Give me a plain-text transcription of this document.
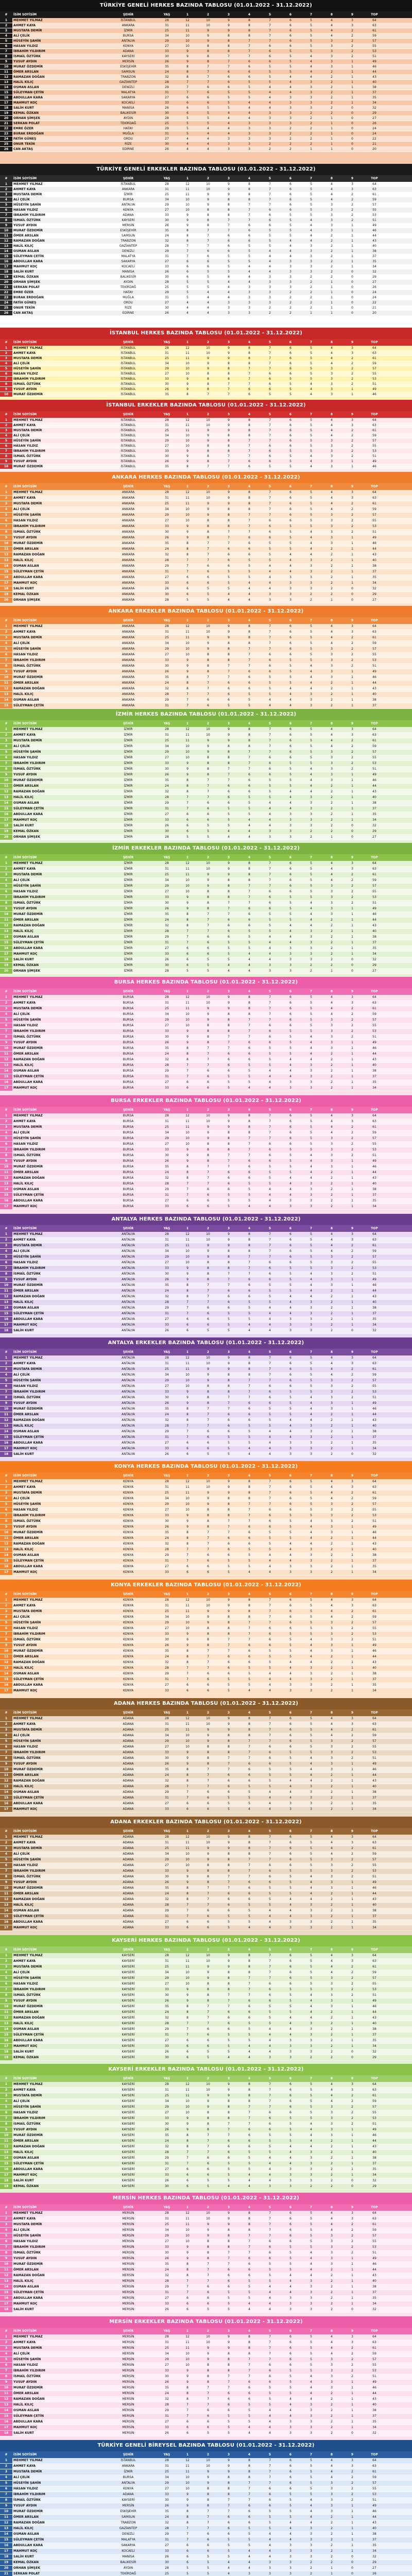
TÜRKİYE GENELİ HERKES BAZINDA TABLOSU (01.01.2022 - 31.12.2022)
#	İSİM SOYİSİM	ŞEHİR	YAŞ	1	2	3	4	5	6	7	8	9	TOP
1	MEHMET YILMAZ	İSTANBUL	28	12	10	9	8	7	6	5	4	3	64
2	AHMET KAYA	ANKARA	31	11	10	9	8	7	6	5	4	3	63
3	MUSTAFA DEMİR	İZMİR	25	11	9	9	8	7	6	5	4	2	61
4	ALİ ÇELİK	BURSA	34	10	9	8	8	7	6	5	4	2	59
5	HÜSEYİN ŞAHİN	ANTALYA	29	10	9	8	7	7	6	5	3	2	57
6	HASAN YILDIZ	KONYA	27	10	8	8	7	6	6	5	3	2	55
7	İBRAHİM YILDIRIM	ADANA	33	9	8	8	7	6	5	5	3	2	53
8	İSMAİL ÖZTÜRK	KAYSERİ	30	9	8	7	7	6	5	4	3	2	51
9	YUSUF AYDIN	MERSİN	26	9	8	7	6	6	5	4	3	1	49
10	MURAT ÖZDEMİR	ESKİŞEHİR	35	8	7	7	6	5	5	4	3	1	46
11	ÖMER ARSLAN	SAMSUN	24	8	7	6	6	5	5	4	2	1	44
12	RAMAZAN DOĞAN	TRABZON	32	8	7	6	6	5	4	4	2	1	43
13	HALİL KILIÇ	GAZİANTEP	28	7	7	6	5	5	4	3	2	1	40
14	OSMAN ASLAN	DENİZLİ	29	7	6	6	5	4	4	3	2	1	38
15	SÜLEYMAN ÇETİN	MALATYA	31	7	6	5	5	4	4	3	2	1	37
16	ABDULLAH KARA	SAKARYA	27	6	6	5	5	4	3	3	2	1	35
17	MAHMUT KOÇ	KOCAELİ	33	6	6	5	4	4	3	3	2	1	34
18	SALİH KURT	MANİSA	26	6	5	5	4	4	3	3	2	0	32
19	KEMAL ÖZKAN	BALIKESİR	30	6	5	4	4	3	3	2	2	0	29
20	ORHAN ŞİMŞEK	AYDIN	28	5	5	4	4	3	3	2	1	0	27
21	SERKAN POLAT	TEKİRDAĞ	25	5	5	4	3	3	3	2	1	0	26
22	EMRE ÖZER	HATAY	29	5	4	4	3	3	2	2	1	0	24
23	BURAK ERDOĞAN	MUĞLA	31	5	4	4	3	3	2	2	1	0	24
24	FATİH GÜNEŞ	ORDU	27	4	4	3	3	3	2	2	1	0	22
25	ONUR TEKİN	RİZE	30	4	4	3	3	2	2	2	1	0	21
26	CAN AKTAŞ	EDİRNE	26	4	4	3	3	2	2	1	1	0	20
TÜRKİYE GENELİ ERKEKLER BAZINDA TABLOSU (01.01.2022 - 31.12.2022)
#	İSİM SOYİSİM	ŞEHİR	YAŞ	1	2	3	4	5	6	7	8	9	TOP
1	MEHMET YILMAZ	İSTANBUL	28	12	10	9	8	7	6	5	4	3	64
2	AHMET KAYA	ANKARA	31	11	10	9	8	7	6	5	4	3	63
3	MUSTAFA DEMİR	İZMİR	25	11	9	9	8	7	6	5	4	2	61
4	ALİ ÇELİK	BURSA	34	10	9	8	8	7	6	5	4	2	59
5	HÜSEYİN ŞAHİN	ANTALYA	29	10	9	8	7	7	6	5	3	2	57
6	HASAN YILDIZ	KONYA	27	10	8	8	7	6	6	5	3	2	55
7	İBRAHİM YILDIRIM	ADANA	33	9	8	8	7	6	5	5	3	2	53
8	İSMAİL ÖZTÜRK	KAYSERİ	30	9	8	7	7	6	5	4	3	2	51
9	YUSUF AYDIN	MERSİN	26	9	8	7	6	6	5	4	3	1	49
10	MURAT ÖZDEMİR	ESKİŞEHİR	35	8	7	7	6	5	5	4	3	1	46
11	ÖMER ARSLAN	SAMSUN	24	8	7	6	6	5	5	4	2	1	44
12	RAMAZAN DOĞAN	TRABZON	32	8	7	6	6	5	4	4	2	1	43
13	HALİL KILIÇ	GAZİANTEP	28	7	7	6	5	5	4	3	2	1	40
14	OSMAN ASLAN	DENİZLİ	29	7	6	6	5	4	4	3	2	1	38
15	SÜLEYMAN ÇETİN	MALATYA	31	7	6	5	5	4	4	3	2	1	37
16	ABDULLAH KARA	SAKARYA	27	6	6	5	5	4	3	3	2	1	35
17	MAHMUT KOÇ	KOCAELİ	33	6	6	5	4	4	3	3	2	1	34
18	SALİH KURT	MANİSA	26	6	5	5	4	4	3	3	2	0	32
19	KEMAL ÖZKAN	BALIKESİR	30	6	5	4	4	3	3	2	2	0	29
20	ORHAN ŞİMŞEK	AYDIN	28	5	5	4	4	3	3	2	1	0	27
21	SERKAN POLAT	TEKİRDAĞ	25	5	5	4	3	3	3	2	1	0	26
22	EMRE ÖZER	HATAY	29	5	4	4	3	3	2	2	1	0	24
23	BURAK ERDOĞAN	MUĞLA	31	5	4	4	3	3	2	2	1	0	24
24	FATİH GÜNEŞ	ORDU	27	4	4	3	3	3	2	2	1	0	22
25	ONUR TEKİN	RİZE	30	4	4	3	3	2	2	2	1	0	21
26	CAN AKTAŞ	EDİRNE	26	4	4	3	3	2	2	1	1	0	20
İSTANBUL HERKES BAZINDA TABLOSU (01.01.2022 - 31.12.2022)
#	İSİM SOYİSİM	ŞEHİR	YAŞ	1	2	3	4	5	6	7	8	9	TOP
1	MEHMET YILMAZ	İSTANBUL	28	12	10	9	8	7	6	5	4	3	64
2	AHMET KAYA	İSTANBUL	31	11	10	9	8	7	6	5	4	3	63
3	MUSTAFA DEMİR	İSTANBUL	25	11	9	9	8	7	6	5	4	2	61
4	ALİ ÇELİK	İSTANBUL	34	10	9	8	8	7	6	5	4	2	59
5	HÜSEYİN ŞAHİN	İSTANBUL	29	10	9	8	7	7	6	5	3	2	57
6	HASAN YILDIZ	İSTANBUL	27	10	8	8	7	6	6	5	3	2	55
7	İBRAHİM YILDIRIM	İSTANBUL	33	9	8	8	7	6	5	5	3	2	53
8	İSMAİL ÖZTÜRK	İSTANBUL	30	9	8	7	7	6	5	4	3	2	51
9	YUSUF AYDIN	İSTANBUL	26	9	8	7	6	6	5	4	3	1	49
10	MURAT ÖZDEMİR	İSTANBUL	35	8	7	7	6	5	5	4	3	1	46
İSTANBUL ERKEKLER BAZINDA TABLOSU (01.01.2022 - 31.12.2022)
#	İSİM SOYİSİM	ŞEHİR	YAŞ	1	2	3	4	5	6	7	8	9	TOP
1	MEHMET YILMAZ	İSTANBUL	28	12	10	9	8	7	6	5	4	3	64
2	AHMET KAYA	İSTANBUL	31	11	10	9	8	7	6	5	4	3	63
3	MUSTAFA DEMİR	İSTANBUL	25	11	9	9	8	7	6	5	4	2	61
4	ALİ ÇELİK	İSTANBUL	34	10	9	8	8	7	6	5	4	2	59
5	HÜSEYİN ŞAHİN	İSTANBUL	29	10	9	8	7	7	6	5	3	2	57
6	HASAN YILDIZ	İSTANBUL	27	10	8	8	7	6	6	5	3	2	55
7	İBRAHİM YILDIRIM	İSTANBUL	33	9	8	8	7	6	5	5	3	2	53
8	İSMAİL ÖZTÜRK	İSTANBUL	30	9	8	7	7	6	5	4	3	2	51
9	YUSUF AYDIN	İSTANBUL	26	9	8	7	6	6	5	4	3	1	49
10	MURAT ÖZDEMİR	İSTANBUL	35	8	7	7	6	5	5	4	3	1	46
ANKARA HERKES BAZINDA TABLOSU (01.01.2022 - 31.12.2022)
#	İSİM SOYİSİM	ŞEHİR	YAŞ	1	2	3	4	5	6	7	8	9	TOP
1	MEHMET YILMAZ	ANKARA	28	12	10	9	8	7	6	5	4	3	64
2	AHMET KAYA	ANKARA	31	11	10	9	8	7	6	5	4	3	63
3	MUSTAFA DEMİR	ANKARA	25	11	9	9	8	7	6	5	4	2	61
4	ALİ ÇELİK	ANKARA	34	10	9	8	8	7	6	5	4	2	59
5	HÜSEYİN ŞAHİN	ANKARA	29	10	9	8	7	7	6	5	3	2	57
6	HASAN YILDIZ	ANKARA	27	10	8	8	7	6	6	5	3	2	55
7	İBRAHİM YILDIRIM	ANKARA	33	9	8	8	7	6	5	5	3	2	53
8	İSMAİL ÖZTÜRK	ANKARA	30	9	8	7	7	6	5	4	3	2	51
9	YUSUF AYDIN	ANKARA	26	9	8	7	6	6	5	4	3	1	49
10	MURAT ÖZDEMİR	ANKARA	35	8	7	7	6	5	5	4	3	1	46
11	ÖMER ARSLAN	ANKARA	24	8	7	6	6	5	5	4	2	1	44
12	RAMAZAN DOĞAN	ANKARA	32	8	7	6	6	5	4	4	2	1	43
13	HALİL KILIÇ	ANKARA	28	7	7	6	5	5	4	3	2	1	40
14	OSMAN ASLAN	ANKARA	29	7	6	6	5	4	4	3	2	1	38
15	SÜLEYMAN ÇETİN	ANKARA	31	7	6	5	5	4	4	3	2	1	37
16	ABDULLAH KARA	ANKARA	27	6	6	5	5	4	3	3	2	1	35
17	MAHMUT KOÇ	ANKARA	33	6	6	5	4	4	3	3	2	1	34
18	SALİH KURT	ANKARA	26	6	5	5	4	4	3	3	2	0	32
19	KEMAL ÖZKAN	ANKARA	30	6	5	4	4	3	3	2	2	0	29
20	ORHAN ŞİMŞEK	ANKARA	28	5	5	4	4	3	3	2	1	0	27
ANKARA ERKEKLER BAZINDA TABLOSU (01.01.2022 - 31.12.2022)
#	İSİM SOYİSİM	ŞEHİR	YAŞ	1	2	3	4	5	6	7	8	9	TOP
1	MEHMET YILMAZ	ANKARA	28	12	10	9	8	7	6	5	4	3	64
2	AHMET KAYA	ANKARA	31	11	10	9	8	7	6	5	4	3	63
3	MUSTAFA DEMİR	ANKARA	25	11	9	9	8	7	6	5	4	2	61
4	ALİ ÇELİK	ANKARA	34	10	9	8	8	7	6	5	4	2	59
5	HÜSEYİN ŞAHİN	ANKARA	29	10	9	8	7	7	6	5	3	2	57
6	HASAN YILDIZ	ANKARA	27	10	8	8	7	6	6	5	3	2	55
7	İBRAHİM YILDIRIM	ANKARA	33	9	8	8	7	6	5	5	3	2	53
8	İSMAİL ÖZTÜRK	ANKARA	30	9	8	7	7	6	5	4	3	2	51
9	YUSUF AYDIN	ANKARA	26	9	8	7	6	6	5	4	3	1	49
10	MURAT ÖZDEMİR	ANKARA	35	8	7	7	6	5	5	4	3	1	46
11	ÖMER ARSLAN	ANKARA	24	8	7	6	6	5	5	4	2	1	44
12	RAMAZAN DOĞAN	ANKARA	32	8	7	6	6	5	4	4	2	1	43
13	HALİL KILIÇ	ANKARA	28	7	7	6	5	5	4	3	2	1	40
14	OSMAN ASLAN	ANKARA	29	7	6	6	5	4	4	3	2	1	38
15	SÜLEYMAN ÇETİN	ANKARA	31	7	6	5	5	4	4	3	2	1	37
İZMİR HERKES BAZINDA TABLOSU (01.01.2022 - 31.12.2022)
#	İSİM SOYİSİM	ŞEHİR	YAŞ	1	2	3	4	5	6	7	8	9	TOP
1	MEHMET YILMAZ	İZMİR	28	12	10	9	8	7	6	5	4	3	64
2	AHMET KAYA	İZMİR	31	11	10	9	8	7	6	5	4	3	63
3	MUSTAFA DEMİR	İZMİR	25	11	9	9	8	7	6	5	4	2	61
4	ALİ ÇELİK	İZMİR	34	10	9	8	8	7	6	5	4	2	59
5	HÜSEYİN ŞAHİN	İZMİR	29	10	9	8	7	7	6	5	3	2	57
6	HASAN YILDIZ	İZMİR	27	10	8	8	7	6	6	5	3	2	55
7	İBRAHİM YILDIRIM	İZMİR	33	9	8	8	7	6	5	5	3	2	53
8	İSMAİL ÖZTÜRK	İZMİR	30	9	8	7	7	6	5	4	3	2	51
9	YUSUF AYDIN	İZMİR	26	9	8	7	6	6	5	4	3	1	49
10	MURAT ÖZDEMİR	İZMİR	35	8	7	7	6	5	5	4	3	1	46
11	ÖMER ARSLAN	İZMİR	24	8	7	6	6	5	5	4	2	1	44
12	RAMAZAN DOĞAN	İZMİR	32	8	7	6	6	5	4	4	2	1	43
13	HALİL KILIÇ	İZMİR	28	7	7	6	5	5	4	3	2	1	40
14	OSMAN ASLAN	İZMİR	29	7	6	6	5	4	4	3	2	1	38
15	SÜLEYMAN ÇETİN	İZMİR	31	7	6	5	5	4	4	3	2	1	37
16	ABDULLAH KARA	İZMİR	27	6	6	5	5	4	3	3	2	1	35
17	MAHMUT KOÇ	İZMİR	33	6	6	5	4	4	3	3	2	1	34
18	SALİH KURT	İZMİR	26	6	5	5	4	4	3	3	2	0	32
19	KEMAL ÖZKAN	İZMİR	30	6	5	4	4	3	3	2	2	0	29
20	ORHAN ŞİMŞEK	İZMİR	28	5	5	4	4	3	3	2	1	0	27
İZMİR ERKEKLER BAZINDA TABLOSU (01.01.2022 - 31.12.2022)
#	İSİM SOYİSİM	ŞEHİR	YAŞ	1	2	3	4	5	6	7	8	9	TOP
1	MEHMET YILMAZ	İZMİR	28	12	10	9	8	7	6	5	4	3	64
2	AHMET KAYA	İZMİR	31	11	10	9	8	7	6	5	4	3	63
3	MUSTAFA DEMİR	İZMİR	25	11	9	9	8	7	6	5	4	2	61
4	ALİ ÇELİK	İZMİR	34	10	9	8	8	7	6	5	4	2	59
5	HÜSEYİN ŞAHİN	İZMİR	29	10	9	8	7	7	6	5	3	2	57
6	HASAN YILDIZ	İZMİR	27	10	8	8	7	6	6	5	3	2	55
7	İBRAHİM YILDIRIM	İZMİR	33	9	8	8	7	6	5	5	3	2	53
8	İSMAİL ÖZTÜRK	İZMİR	30	9	8	7	7	6	5	4	3	2	51
9	YUSUF AYDIN	İZMİR	26	9	8	7	6	6	5	4	3	1	49
10	MURAT ÖZDEMİR	İZMİR	35	8	7	7	6	5	5	4	3	1	46
11	ÖMER ARSLAN	İZMİR	24	8	7	6	6	5	5	4	2	1	44
12	RAMAZAN DOĞAN	İZMİR	32	8	7	6	6	5	4	4	2	1	43
13	HALİL KILIÇ	İZMİR	28	7	7	6	5	5	4	3	2	1	40
14	OSMAN ASLAN	İZMİR	29	7	6	6	5	4	4	3	2	1	38
15	SÜLEYMAN ÇETİN	İZMİR	31	7	6	5	5	4	4	3	2	1	37
16	ABDULLAH KARA	İZMİR	27	6	6	5	5	4	3	3	2	1	35
17	MAHMUT KOÇ	İZMİR	33	6	6	5	4	4	3	3	2	1	34
18	SALİH KURT	İZMİR	26	6	5	5	4	4	3	3	2	0	32
19	KEMAL ÖZKAN	İZMİR	30	6	5	4	4	3	3	2	2	0	29
20	ORHAN ŞİMŞEK	İZMİR	28	5	5	4	4	3	3	2	1	0	27
BURSA HERKES BAZINDA TABLOSU (01.01.2022 - 31.12.2022)
#	İSİM SOYİSİM	ŞEHİR	YAŞ	1	2	3	4	5	6	7	8	9	TOP
1	MEHMET YILMAZ	BURSA	28	12	10	9	8	7	6	5	4	3	64
2	AHMET KAYA	BURSA	31	11	10	9	8	7	6	5	4	3	63
3	MUSTAFA DEMİR	BURSA	25	11	9	9	8	7	6	5	4	2	61
4	ALİ ÇELİK	BURSA	34	10	9	8	8	7	6	5	4	2	59
5	HÜSEYİN ŞAHİN	BURSA	29	10	9	8	7	7	6	5	3	2	57
6	HASAN YILDIZ	BURSA	27	10	8	8	7	6	6	5	3	2	55
7	İBRAHİM YILDIRIM	BURSA	33	9	8	8	7	6	5	5	3	2	53
8	İSMAİL ÖZTÜRK	BURSA	30	9	8	7	7	6	5	4	3	2	51
9	YUSUF AYDIN	BURSA	26	9	8	7	6	6	5	4	3	1	49
10	MURAT ÖZDEMİR	BURSA	35	8	7	7	6	5	5	4	3	1	46
11	ÖMER ARSLAN	BURSA	24	8	7	6	6	5	5	4	2	1	44
12	RAMAZAN DOĞAN	BURSA	32	8	7	6	6	5	4	4	2	1	43
13	HALİL KILIÇ	BURSA	28	7	7	6	5	5	4	3	2	1	40
14	OSMAN ASLAN	BURSA	29	7	6	6	5	4	4	3	2	1	38
15	SÜLEYMAN ÇETİN	BURSA	31	7	6	5	5	4	4	3	2	1	37
16	ABDULLAH KARA	BURSA	27	6	6	5	5	4	3	3	2	1	35
17	MAHMUT KOÇ	BURSA	33	6	6	5	4	4	3	3	2	1	34
BURSA ERKEKLER BAZINDA TABLOSU (01.01.2022 - 31.12.2022)
#	İSİM SOYİSİM	ŞEHİR	YAŞ	1	2	3	4	5	6	7	8	9	TOP
1	MEHMET YILMAZ	BURSA	28	12	10	9	8	7	6	5	4	3	64
2	AHMET KAYA	BURSA	31	11	10	9	8	7	6	5	4	3	63
3	MUSTAFA DEMİR	BURSA	25	11	9	9	8	7	6	5	4	2	61
4	ALİ ÇELİK	BURSA	34	10	9	8	8	7	6	5	4	2	59
5	HÜSEYİN ŞAHİN	BURSA	29	10	9	8	7	7	6	5	3	2	57
6	HASAN YILDIZ	BURSA	27	10	8	8	7	6	6	5	3	2	55
7	İBRAHİM YILDIRIM	BURSA	33	9	8	8	7	6	5	5	3	2	53
8	İSMAİL ÖZTÜRK	BURSA	30	9	8	7	7	6	5	4	3	2	51
9	YUSUF AYDIN	BURSA	26	9	8	7	6	6	5	4	3	1	49
10	MURAT ÖZDEMİR	BURSA	35	8	7	7	6	5	5	4	3	1	46
11	ÖMER ARSLAN	BURSA	24	8	7	6	6	5	5	4	2	1	44
12	RAMAZAN DOĞAN	BURSA	32	8	7	6	6	5	4	4	2	1	43
13	HALİL KILIÇ	BURSA	28	7	7	6	5	5	4	3	2	1	40
14	OSMAN ASLAN	BURSA	29	7	6	6	5	4	4	3	2	1	38
15	SÜLEYMAN ÇETİN	BURSA	31	7	6	5	5	4	4	3	2	1	37
16	ABDULLAH KARA	BURSA	27	6	6	5	5	4	3	3	2	1	35
17	MAHMUT KOÇ	BURSA	33	6	6	5	4	4	3	3	2	1	34
ANTALYA HERKES BAZINDA TABLOSU (01.01.2022 - 31.12.2022)
#	İSİM SOYİSİM	ŞEHİR	YAŞ	1	2	3	4	5	6	7	8	9	TOP
1	MEHMET YILMAZ	ANTALYA	28	12	10	9	8	7	6	5	4	3	64
2	AHMET KAYA	ANTALYA	31	11	10	9	8	7	6	5	4	3	63
3	MUSTAFA DEMİR	ANTALYA	25	11	9	9	8	7	6	5	4	2	61
4	ALİ ÇELİK	ANTALYA	34	10	9	8	8	7	6	5	4	2	59
5	HÜSEYİN ŞAHİN	ANTALYA	29	10	9	8	7	7	6	5	3	2	57
6	HASAN YILDIZ	ANTALYA	27	10	8	8	7	6	6	5	3	2	55
7	İBRAHİM YILDIRIM	ANTALYA	33	9	8	8	7	6	5	5	3	2	53
8	İSMAİL ÖZTÜRK	ANTALYA	30	9	8	7	7	6	5	4	3	2	51
9	YUSUF AYDIN	ANTALYA	26	9	8	7	6	6	5	4	3	1	49
10	MURAT ÖZDEMİR	ANTALYA	35	8	7	7	6	5	5	4	3	1	46
11	ÖMER ARSLAN	ANTALYA	24	8	7	6	6	5	5	4	2	1	44
12	RAMAZAN DOĞAN	ANTALYA	32	8	7	6	6	5	4	4	2	1	43
13	HALİL KILIÇ	ANTALYA	28	7	7	6	5	5	4	3	2	1	40
14	OSMAN ASLAN	ANTALYA	29	7	6	6	5	4	4	3	2	1	38
15	SÜLEYMAN ÇETİN	ANTALYA	31	7	6	5	5	4	4	3	2	1	37
16	ABDULLAH KARA	ANTALYA	27	6	6	5	5	4	3	3	2	1	35
17	MAHMUT KOÇ	ANTALYA	33	6	6	5	4	4	3	3	2	1	34
18	SALİH KURT	ANTALYA	26	6	5	5	4	4	3	3	2	0	32
ANTALYA ERKEKLER BAZINDA TABLOSU (01.01.2022 - 31.12.2022)
#	İSİM SOYİSİM	ŞEHİR	YAŞ	1	2	3	4	5	6	7	8	9	TOP
1	MEHMET YILMAZ	ANTALYA	28	12	10	9	8	7	6	5	4	3	64
2	AHMET KAYA	ANTALYA	31	11	10	9	8	7	6	5	4	3	63
3	MUSTAFA DEMİR	ANTALYA	25	11	9	9	8	7	6	5	4	2	61
4	ALİ ÇELİK	ANTALYA	34	10	9	8	8	7	6	5	4	2	59
5	HÜSEYİN ŞAHİN	ANTALYA	29	10	9	8	7	7	6	5	3	2	57
6	HASAN YILDIZ	ANTALYA	27	10	8	8	7	6	6	5	3	2	55
7	İBRAHİM YILDIRIM	ANTALYA	33	9	8	8	7	6	5	5	3	2	53
8	İSMAİL ÖZTÜRK	ANTALYA	30	9	8	7	7	6	5	4	3	2	51
9	YUSUF AYDIN	ANTALYA	26	9	8	7	6	6	5	4	3	1	49
10	MURAT ÖZDEMİR	ANTALYA	35	8	7	7	6	5	5	4	3	1	46
11	ÖMER ARSLAN	ANTALYA	24	8	7	6	6	5	5	4	2	1	44
12	RAMAZAN DOĞAN	ANTALYA	32	8	7	6	6	5	4	4	2	1	43
13	HALİL KILIÇ	ANTALYA	28	7	7	6	5	5	4	3	2	1	40
14	OSMAN ASLAN	ANTALYA	29	7	6	6	5	4	4	3	2	1	38
15	SÜLEYMAN ÇETİN	ANTALYA	31	7	6	5	5	4	4	3	2	1	37
16	ABDULLAH KARA	ANTALYA	27	6	6	5	5	4	3	3	2	1	35
17	MAHMUT KOÇ	ANTALYA	33	6	6	5	4	4	3	3	2	1	34
18	SALİH KURT	ANTALYA	26	6	5	5	4	4	3	3	2	0	32
KONYA HERKES BAZINDA TABLOSU (01.01.2022 - 31.12.2022)
#	İSİM SOYİSİM	ŞEHİR	YAŞ	1	2	3	4	5	6	7	8	9	TOP
1	MEHMET YILMAZ	KONYA	28	12	10	9	8	7	6	5	4	3	64
2	AHMET KAYA	KONYA	31	11	10	9	8	7	6	5	4	3	63
3	MUSTAFA DEMİR	KONYA	25	11	9	9	8	7	6	5	4	2	61
4	ALİ ÇELİK	KONYA	34	10	9	8	8	7	6	5	4	2	59
5	HÜSEYİN ŞAHİN	KONYA	29	10	9	8	7	7	6	5	3	2	57
6	HASAN YILDIZ	KONYA	27	10	8	8	7	6	6	5	3	2	55
7	İBRAHİM YILDIRIM	KONYA	33	9	8	8	7	6	5	5	3	2	53
8	İSMAİL ÖZTÜRK	KONYA	30	9	8	7	7	6	5	4	3	2	51
9	YUSUF AYDIN	KONYA	26	9	8	7	6	6	5	4	3	1	49
10	MURAT ÖZDEMİR	KONYA	35	8	7	7	6	5	5	4	3	1	46
11	ÖMER ARSLAN	KONYA	24	8	7	6	6	5	5	4	2	1	44
12	RAMAZAN DOĞAN	KONYA	32	8	7	6	6	5	4	4	2	1	43
13	HALİL KILIÇ	KONYA	28	7	7	6	5	5	4	3	2	1	40
14	OSMAN ASLAN	KONYA	29	7	6	6	5	4	4	3	2	1	38
15	SÜLEYMAN ÇETİN	KONYA	31	7	6	5	5	4	4	3	2	1	37
16	ABDULLAH KARA	KONYA	27	6	6	5	5	4	3	3	2	1	35
17	MAHMUT KOÇ	KONYA	33	6	6	5	4	4	3	3	2	1	34
KONYA ERKEKLER BAZINDA TABLOSU (01.01.2022 - 31.12.2022)
#	İSİM SOYİSİM	ŞEHİR	YAŞ	1	2	3	4	5	6	7	8	9	TOP
1	MEHMET YILMAZ	KONYA	28	12	10	9	8	7	6	5	4	3	64
2	AHMET KAYA	KONYA	31	11	10	9	8	7	6	5	4	3	63
3	MUSTAFA DEMİR	KONYA	25	11	9	9	8	7	6	5	4	2	61
4	ALİ ÇELİK	KONYA	34	10	9	8	8	7	6	5	4	2	59
5	HÜSEYİN ŞAHİN	KONYA	29	10	9	8	7	7	6	5	3	2	57
6	HASAN YILDIZ	KONYA	27	10	8	8	7	6	6	5	3	2	55
7	İBRAHİM YILDIRIM	KONYA	33	9	8	8	7	6	5	5	3	2	53
8	İSMAİL ÖZTÜRK	KONYA	30	9	8	7	7	6	5	4	3	2	51
9	YUSUF AYDIN	KONYA	26	9	8	7	6	6	5	4	3	1	49
10	MURAT ÖZDEMİR	KONYA	35	8	7	7	6	5	5	4	3	1	46
11	ÖMER ARSLAN	KONYA	24	8	7	6	6	5	5	4	2	1	44
12	RAMAZAN DOĞAN	KONYA	32	8	7	6	6	5	4	4	2	1	43
13	HALİL KILIÇ	KONYA	28	7	7	6	5	5	4	3	2	1	40
14	OSMAN ASLAN	KONYA	29	7	6	6	5	4	4	3	2	1	38
15	SÜLEYMAN ÇETİN	KONYA	31	7	6	5	5	4	4	3	2	1	37
16	ABDULLAH KARA	KONYA	27	6	6	5	5	4	3	3	2	1	35
17	MAHMUT KOÇ	KONYA	33	6	6	5	4	4	3	3	2	1	34
ADANA HERKES BAZINDA TABLOSU (01.01.2022 - 31.12.2022)
#	İSİM SOYİSİM	ŞEHİR	YAŞ	1	2	3	4	5	6	7	8	9	TOP
1	MEHMET YILMAZ	ADANA	28	12	10	9	8	7	6	5	4	3	64
2	AHMET KAYA	ADANA	31	11	10	9	8	7	6	5	4	3	63
3	MUSTAFA DEMİR	ADANA	25	11	9	9	8	7	6	5	4	2	61
4	ALİ ÇELİK	ADANA	34	10	9	8	8	7	6	5	4	2	59
5	HÜSEYİN ŞAHİN	ADANA	29	10	9	8	7	7	6	5	3	2	57
6	HASAN YILDIZ	ADANA	27	10	8	8	7	6	6	5	3	2	55
7	İBRAHİM YILDIRIM	ADANA	33	9	8	8	7	6	5	5	3	2	53
8	İSMAİL ÖZTÜRK	ADANA	30	9	8	7	7	6	5	4	3	2	51
9	YUSUF AYDIN	ADANA	26	9	8	7	6	6	5	4	3	1	49
10	MURAT ÖZDEMİR	ADANA	35	8	7	7	6	5	5	4	3	1	46
11	ÖMER ARSLAN	ADANA	24	8	7	6	6	5	5	4	2	1	44
12	RAMAZAN DOĞAN	ADANA	32	8	7	6	6	5	4	4	2	1	43
13	HALİL KILIÇ	ADANA	28	7	7	6	5	5	4	3	2	1	40
14	OSMAN ASLAN	ADANA	29	7	6	6	5	4	4	3	2	1	38
15	SÜLEYMAN ÇETİN	ADANA	31	7	6	5	5	4	4	3	2	1	37
16	ABDULLAH KARA	ADANA	27	6	6	5	5	4	3	3	2	1	35
17	MAHMUT KOÇ	ADANA	33	6	6	5	4	4	3	3	2	1	34
ADANA ERKEKLER BAZINDA TABLOSU (01.01.2022 - 31.12.2022)
#	İSİM SOYİSİM	ŞEHİR	YAŞ	1	2	3	4	5	6	7	8	9	TOP
1	MEHMET YILMAZ	ADANA	28	12	10	9	8	7	6	5	4	3	64
2	AHMET KAYA	ADANA	31	11	10	9	8	7	6	5	4	3	63
3	MUSTAFA DEMİR	ADANA	25	11	9	9	8	7	6	5	4	2	61
4	ALİ ÇELİK	ADANA	34	10	9	8	8	7	6	5	4	2	59
5	HÜSEYİN ŞAHİN	ADANA	29	10	9	8	7	7	6	5	3	2	57
6	HASAN YILDIZ	ADANA	27	10	8	8	7	6	6	5	3	2	55
7	İBRAHİM YILDIRIM	ADANA	33	9	8	8	7	6	5	5	3	2	53
8	İSMAİL ÖZTÜRK	ADANA	30	9	8	7	7	6	5	4	3	2	51
9	YUSUF AYDIN	ADANA	26	9	8	7	6	6	5	4	3	1	49
10	MURAT ÖZDEMİR	ADANA	35	8	7	7	6	5	5	4	3	1	46
11	ÖMER ARSLAN	ADANA	24	8	7	6	6	5	5	4	2	1	44
12	RAMAZAN DOĞAN	ADANA	32	8	7	6	6	5	4	4	2	1	43
13	HALİL KILIÇ	ADANA	28	7	7	6	5	5	4	3	2	1	40
14	OSMAN ASLAN	ADANA	29	7	6	6	5	4	4	3	2	1	38
15	SÜLEYMAN ÇETİN	ADANA	31	7	6	5	5	4	4	3	2	1	37
16	ABDULLAH KARA	ADANA	27	6	6	5	5	4	3	3	2	1	35
17	MAHMUT KOÇ	ADANA	33	6	6	5	4	4	3	3	2	1	34
KAYSERİ HERKES BAZINDA TABLOSU (01.01.2022 - 31.12.2022)
#	İSİM SOYİSİM	ŞEHİR	YAŞ	1	2	3	4	5	6	7	8	9	TOP
1	MEHMET YILMAZ	KAYSERİ	28	12	10	9	8	7	6	5	4	3	64
2	AHMET KAYA	KAYSERİ	31	11	10	9	8	7	6	5	4	3	63
3	MUSTAFA DEMİR	KAYSERİ	25	11	9	9	8	7	6	5	4	2	61
4	ALİ ÇELİK	KAYSERİ	34	10	9	8	8	7	6	5	4	2	59
5	HÜSEYİN ŞAHİN	KAYSERİ	29	10	9	8	7	7	6	5	3	2	57
6	HASAN YILDIZ	KAYSERİ	27	10	8	8	7	6	6	5	3	2	55
7	İBRAHİM YILDIRIM	KAYSERİ	33	9	8	8	7	6	5	5	3	2	53
8	İSMAİL ÖZTÜRK	KAYSERİ	30	9	8	7	7	6	5	4	3	2	51
9	YUSUF AYDIN	KAYSERİ	26	9	8	7	6	6	5	4	3	1	49
10	MURAT ÖZDEMİR	KAYSERİ	35	8	7	7	6	5	5	4	3	1	46
11	ÖMER ARSLAN	KAYSERİ	24	8	7	6	6	5	5	4	2	1	44
12	RAMAZAN DOĞAN	KAYSERİ	32	8	7	6	6	5	4	4	2	1	43
13	HALİL KILIÇ	KAYSERİ	28	7	7	6	5	5	4	3	2	1	40
14	OSMAN ASLAN	KAYSERİ	29	7	6	6	5	4	4	3	2	1	38
15	SÜLEYMAN ÇETİN	KAYSERİ	31	7	6	5	5	4	4	3	2	1	37
16	ABDULLAH KARA	KAYSERİ	27	6	6	5	5	4	3	3	2	1	35
17	MAHMUT KOÇ	KAYSERİ	33	6	6	5	4	4	3	3	2	1	34
18	SALİH KURT	KAYSERİ	26	6	5	5	4	4	3	3	2	0	32
19	KEMAL ÖZKAN	KAYSERİ	30	6	5	4	4	3	3	2	2	0	29
KAYSERİ ERKEKLER BAZINDA TABLOSU (01.01.2022 - 31.12.2022)
#	İSİM SOYİSİM	ŞEHİR	YAŞ	1	2	3	4	5	6	7	8	9	TOP
1	MEHMET YILMAZ	KAYSERİ	28	12	10	9	8	7	6	5	4	3	64
2	AHMET KAYA	KAYSERİ	31	11	10	9	8	7	6	5	4	3	63
3	MUSTAFA DEMİR	KAYSERİ	25	11	9	9	8	7	6	5	4	2	61
4	ALİ ÇELİK	KAYSERİ	34	10	9	8	8	7	6	5	4	2	59
5	HÜSEYİN ŞAHİN	KAYSERİ	29	10	9	8	7	7	6	5	3	2	57
6	HASAN YILDIZ	KAYSERİ	27	10	8	8	7	6	6	5	3	2	55
7	İBRAHİM YILDIRIM	KAYSERİ	33	9	8	8	7	6	5	5	3	2	53
8	İSMAİL ÖZTÜRK	KAYSERİ	30	9	8	7	7	6	5	4	3	2	51
9	YUSUF AYDIN	KAYSERİ	26	9	8	7	6	6	5	4	3	1	49
10	MURAT ÖZDEMİR	KAYSERİ	35	8	7	7	6	5	5	4	3	1	46
11	ÖMER ARSLAN	KAYSERİ	24	8	7	6	6	5	5	4	2	1	44
12	RAMAZAN DOĞAN	KAYSERİ	32	8	7	6	6	5	4	4	2	1	43
13	HALİL KILIÇ	KAYSERİ	28	7	7	6	5	5	4	3	2	1	40
14	OSMAN ASLAN	KAYSERİ	29	7	6	6	5	4	4	3	2	1	38
15	SÜLEYMAN ÇETİN	KAYSERİ	31	7	6	5	5	4	4	3	2	1	37
16	ABDULLAH KARA	KAYSERİ	27	6	6	5	5	4	3	3	2	1	35
17	MAHMUT KOÇ	KAYSERİ	33	6	6	5	4	4	3	3	2	1	34
18	SALİH KURT	KAYSERİ	26	6	5	5	4	4	3	3	2	0	32
19	KEMAL ÖZKAN	KAYSERİ	30	6	5	4	4	3	3	2	2	0	29
MERSİN HERKES BAZINDA TABLOSU (01.01.2022 - 31.12.2022)
#	İSİM SOYİSİM	ŞEHİR	YAŞ	1	2	3	4	5	6	7	8	9	TOP
1	MEHMET YILMAZ	MERSİN	28	12	10	9	8	7	6	5	4	3	64
2	AHMET KAYA	MERSİN	31	11	10	9	8	7	6	5	4	3	63
3	MUSTAFA DEMİR	MERSİN	25	11	9	9	8	7	6	5	4	2	61
4	ALİ ÇELİK	MERSİN	34	10	9	8	8	7	6	5	4	2	59
5	HÜSEYİN ŞAHİN	MERSİN	29	10	9	8	7	7	6	5	3	2	57
6	HASAN YILDIZ	MERSİN	27	10	8	8	7	6	6	5	3	2	55
7	İBRAHİM YILDIRIM	MERSİN	33	9	8	8	7	6	5	5	3	2	53
8	İSMAİL ÖZTÜRK	MERSİN	30	9	8	7	7	6	5	4	3	2	51
9	YUSUF AYDIN	MERSİN	26	9	8	7	6	6	5	4	3	1	49
10	MURAT ÖZDEMİR	MERSİN	35	8	7	7	6	5	5	4	3	1	46
11	ÖMER ARSLAN	MERSİN	24	8	7	6	6	5	5	4	2	1	44
12	RAMAZAN DOĞAN	MERSİN	32	8	7	6	6	5	4	4	2	1	43
13	HALİL KILIÇ	MERSİN	28	7	7	6	5	5	4	3	2	1	40
14	OSMAN ASLAN	MERSİN	29	7	6	6	5	4	4	3	2	1	38
15	SÜLEYMAN ÇETİN	MERSİN	31	7	6	5	5	4	4	3	2	1	37
16	ABDULLAH KARA	MERSİN	27	6	6	5	5	4	3	3	2	1	35
17	MAHMUT KOÇ	MERSİN	33	6	6	5	4	4	3	3	2	1	34
18	SALİH KURT	MERSİN	26	6	5	5	4	4	3	3	2	0	32
MERSİN ERKEKLER BAZINDA TABLOSU (01.01.2022 - 31.12.2022)
#	İSİM SOYİSİM	ŞEHİR	YAŞ	1	2	3	4	5	6	7	8	9	TOP
1	MEHMET YILMAZ	MERSİN	28	12	10	9	8	7	6	5	4	3	64
2	AHMET KAYA	MERSİN	31	11	10	9	8	7	6	5	4	3	63
3	MUSTAFA DEMİR	MERSİN	25	11	9	9	8	7	6	5	4	2	61
4	ALİ ÇELİK	MERSİN	34	10	9	8	8	7	6	5	4	2	59
5	HÜSEYİN ŞAHİN	MERSİN	29	10	9	8	7	7	6	5	3	2	57
6	HASAN YILDIZ	MERSİN	27	10	8	8	7	6	6	5	3	2	55
7	İBRAHİM YILDIRIM	MERSİN	33	9	8	8	7	6	5	5	3	2	53
8	İSMAİL ÖZTÜRK	MERSİN	30	9	8	7	7	6	5	4	3	2	51
9	YUSUF AYDIN	MERSİN	26	9	8	7	6	6	5	4	3	1	49
10	MURAT ÖZDEMİR	MERSİN	35	8	7	7	6	5	5	4	3	1	46
11	ÖMER ARSLAN	MERSİN	24	8	7	6	6	5	5	4	2	1	44
12	RAMAZAN DOĞAN	MERSİN	32	8	7	6	6	5	4	4	2	1	43
13	HALİL KILIÇ	MERSİN	28	7	7	6	5	5	4	3	2	1	40
14	OSMAN ASLAN	MERSİN	29	7	6	6	5	4	4	3	2	1	38
15	SÜLEYMAN ÇETİN	MERSİN	31	7	6	5	5	4	4	3	2	1	37
16	ABDULLAH KARA	MERSİN	27	6	6	5	5	4	3	3	2	1	35
17	MAHMUT KOÇ	MERSİN	33	6	6	5	4	4	3	3	2	1	34
18	SALİH KURT	MERSİN	26	6	5	5	4	4	3	3	2	0	32
TÜRKİYE GENELİ BİREYSEL BAZINDA TABLOSU (01.01.2022 - 31.12.2022)
#	İSİM SOYİSİM	ŞEHİR	YAŞ	1	2	3	4	5	6	7	8	9	TOP
1	MEHMET YILMAZ	İSTANBUL	28	12	10	9	8	7	6	5	4	3	64
2	AHMET KAYA	ANKARA	31	11	10	9	8	7	6	5	4	3	63
3	MUSTAFA DEMİR	İZMİR	25	11	9	9	8	7	6	5	4	2	61
4	ALİ ÇELİK	BURSA	34	10	9	8	8	7	6	5	4	2	59
5	HÜSEYİN ŞAHİN	ANTALYA	29	10	9	8	7	7	6	5	3	2	57
6	HASAN YILDIZ	KONYA	27	10	8	8	7	6	6	5	3	2	55
7	İBRAHİM YILDIRIM	ADANA	33	9	8	8	7	6	5	5	3	2	53
8	İSMAİL ÖZTÜRK	KAYSERİ	30	9	8	7	7	6	5	4	3	2	51
9	YUSUF AYDIN	MERSİN	26	9	8	7	6	6	5	4	3	1	49
10	MURAT ÖZDEMİR	ESKİŞEHİR	35	8	7	7	6	5	5	4	3	1	46
11	ÖMER ARSLAN	SAMSUN	24	8	7	6	6	5	5	4	2	1	44
12	RAMAZAN DOĞAN	TRABZON	32	8	7	6	6	5	4	4	2	1	43
13	HALİL KILIÇ	GAZİANTEP	28	7	7	6	5	5	4	3	2	1	40
14	OSMAN ASLAN	DENİZLİ	29	7	6	6	5	4	4	3	2	1	38
15	SÜLEYMAN ÇETİN	MALATYA	31	7	6	5	5	4	4	3	2	1	37
16	ABDULLAH KARA	SAKARYA	27	6	6	5	5	4	3	3	2	1	35
17	MAHMUT KOÇ	KOCAELİ	33	6	6	5	4	4	3	3	2	1	34
18	SALİH KURT	MANİSA	26	6	5	5	4	4	3	3	2	0	32
19	KEMAL ÖZKAN	BALIKESİR	30	6	5	4	4	3	3	2	2	0	29
20	ORHAN ŞİMŞEK	AYDIN	28	5	5	4	4	3	3	2	1	0	27
21	SERKAN POLAT	TEKİRDAĞ	25	5	5	4	3	3	3	2	1	0	26
